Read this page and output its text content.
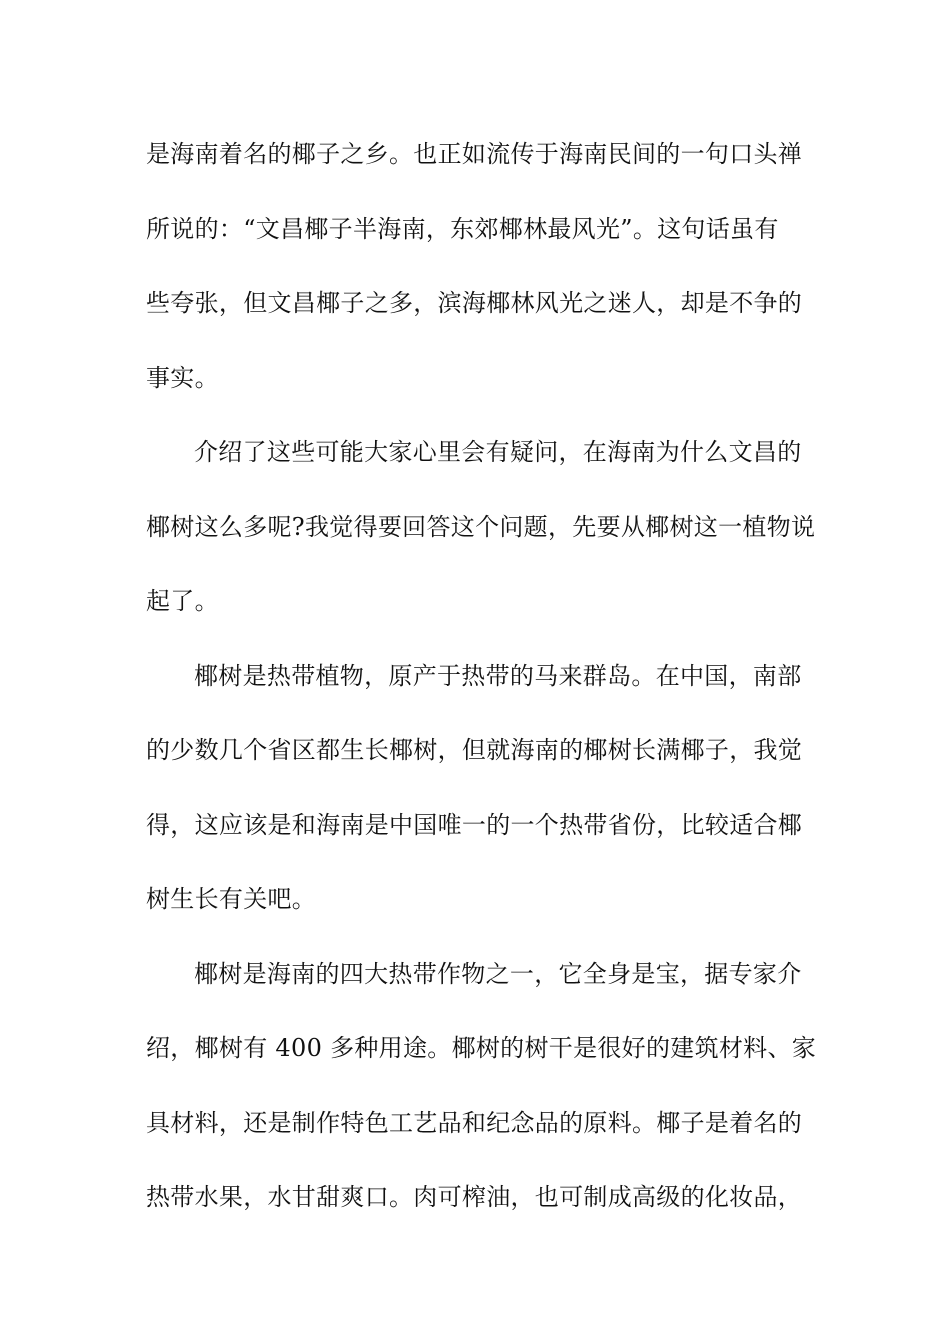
是海南着名的椰子之乡。也正如流传于海南民间的一句口头禅
所说的：“文昌椰子半海南，东郊椰林最风光”。这句话虽有
些夸张，但文昌椰子之多，滨海椰林风光之迷人，却是不争的
事实。
介绍了这些可能大家心里会有疑问，在海南为什么文昌的
椰树这么多呢?我觉得要回答这个问题，先要从椰树这一植物说
起了。
椰树是热带植物，原产于热带的马来群岛。在中国，南部
的少数几个省区都生长椰树，但就海南的椰树长满椰子，我觉
得，这应该是和海南是中国唯一的一个热带省份，比较适合椰
树生长有关吧。
椰树是海南的四大热带作物之一，它全身是宝，据专家介
绍，椰树有 400 多种用途。椰树的树干是很好的建筑材料、家
具材料，还是制作特色工艺品和纪念品的原料。椰子是着名的
热带水果，水甘甜爽口。肉可榨油，也可制成高级的化妆品，
